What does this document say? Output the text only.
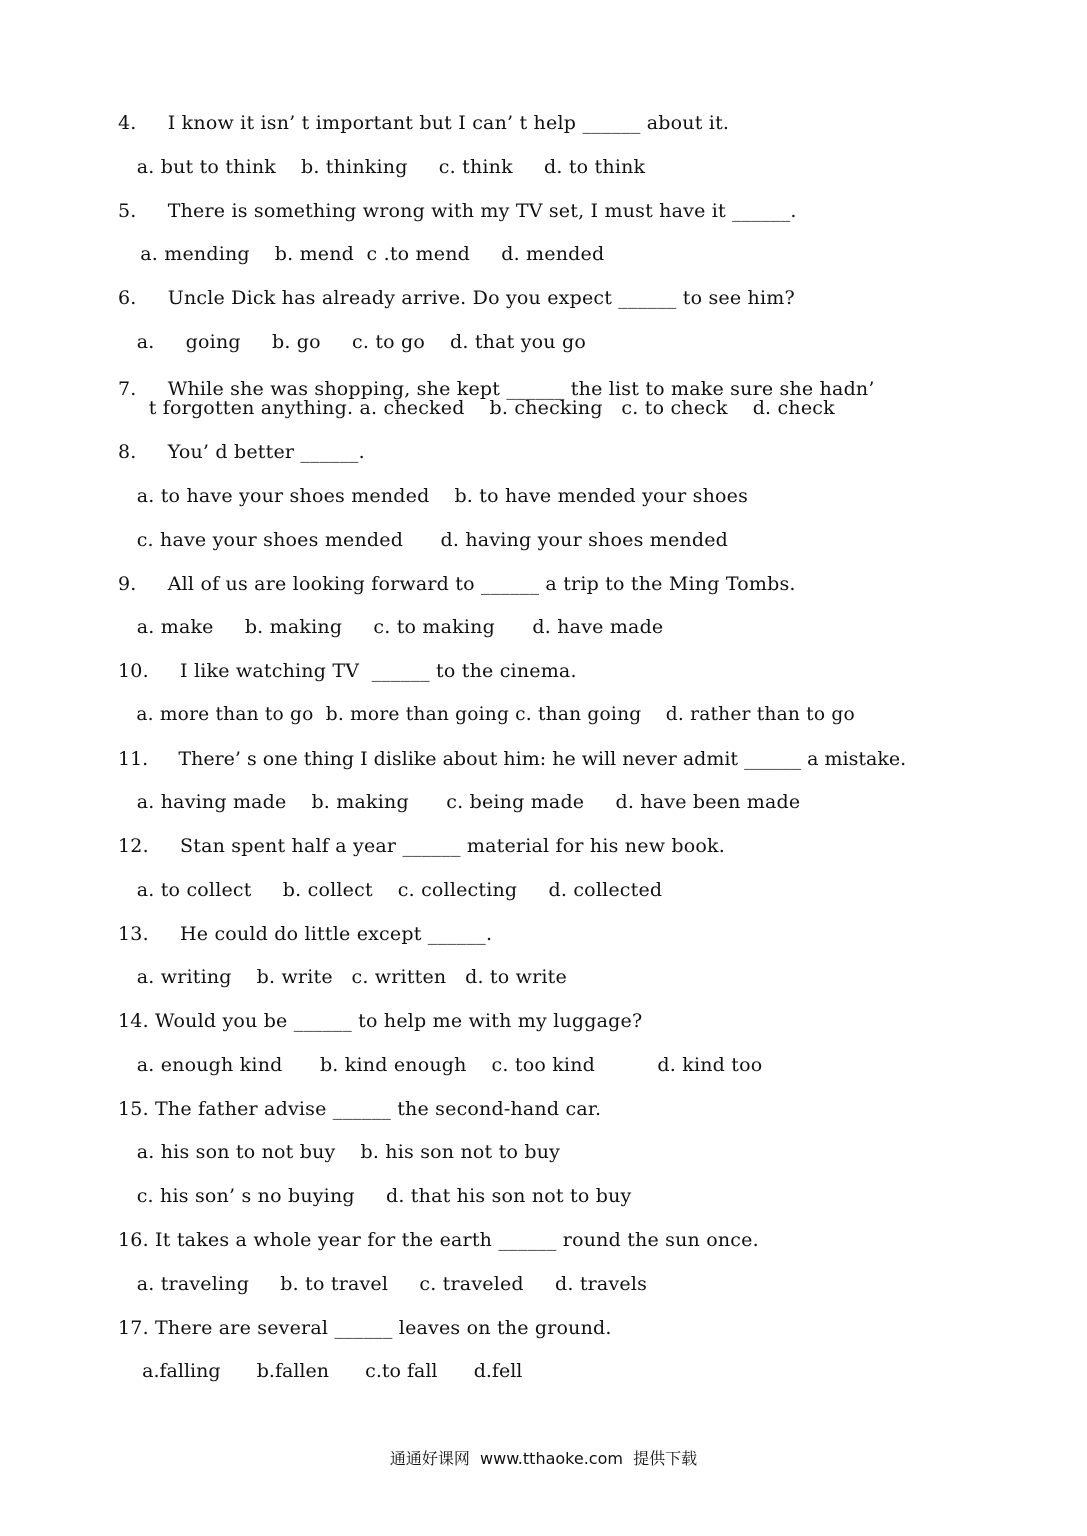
4.     I know it isn’ t important but I can’ t help ______ about it.
a. but to think    b. thinking     c. think     d. to think
5.     There is something wrong with my TV set, I must have it ______.
a. mending    b. mend  c .to mend     d. mended
6.     Uncle Dick has already arrive. Do you expect ______ to see him?
a.     going     b. go     c. to go    d. that you go
7.     While she was shopping, she kept ______ the list to make sure she hadn’
t forgotten anything. a. checked    b. checking   c. to check    d. check
8.     You’ d better ______.
a. to have your shoes mended    b. to have mended your shoes
c. have your shoes mended      d. having your shoes mended
9.     All of us are looking forward to ______ a trip to the Ming Tombs.
a. make     b. making     c. to making      d. have made
10.     I like watching TV  ______ to the cinema.
a. more than to go  b. more than going c. than going    d. rather than to go
11.     There’ s one thing I dislike about him: he will never admit ______ a mistake.
a. having made    b. making      c. being made     d. have been made
12.     Stan spent half a year ______ material for his new book.
a. to collect     b. collect    c. collecting     d. collected
13.     He could do little except ______.
a. writing    b. write   c. written   d. to write
14. Would you be ______ to help me with my luggage?
a. enough kind      b. kind enough    c. too kind          d. kind too
15. The father advise ______ the second-hand car.
a. his son to not buy    b. his son not to buy
c. his son’ s no buying     d. that his son not to buy
16. It takes a whole year for the earth ______ round the sun once.
a. traveling     b. to travel     c. traveled     d. travels
17. There are several ______ leaves on the ground.
a.falling      b.fallen      c.to fall      d.fell
通通好课网  www.tthaoke.com  提供下载
